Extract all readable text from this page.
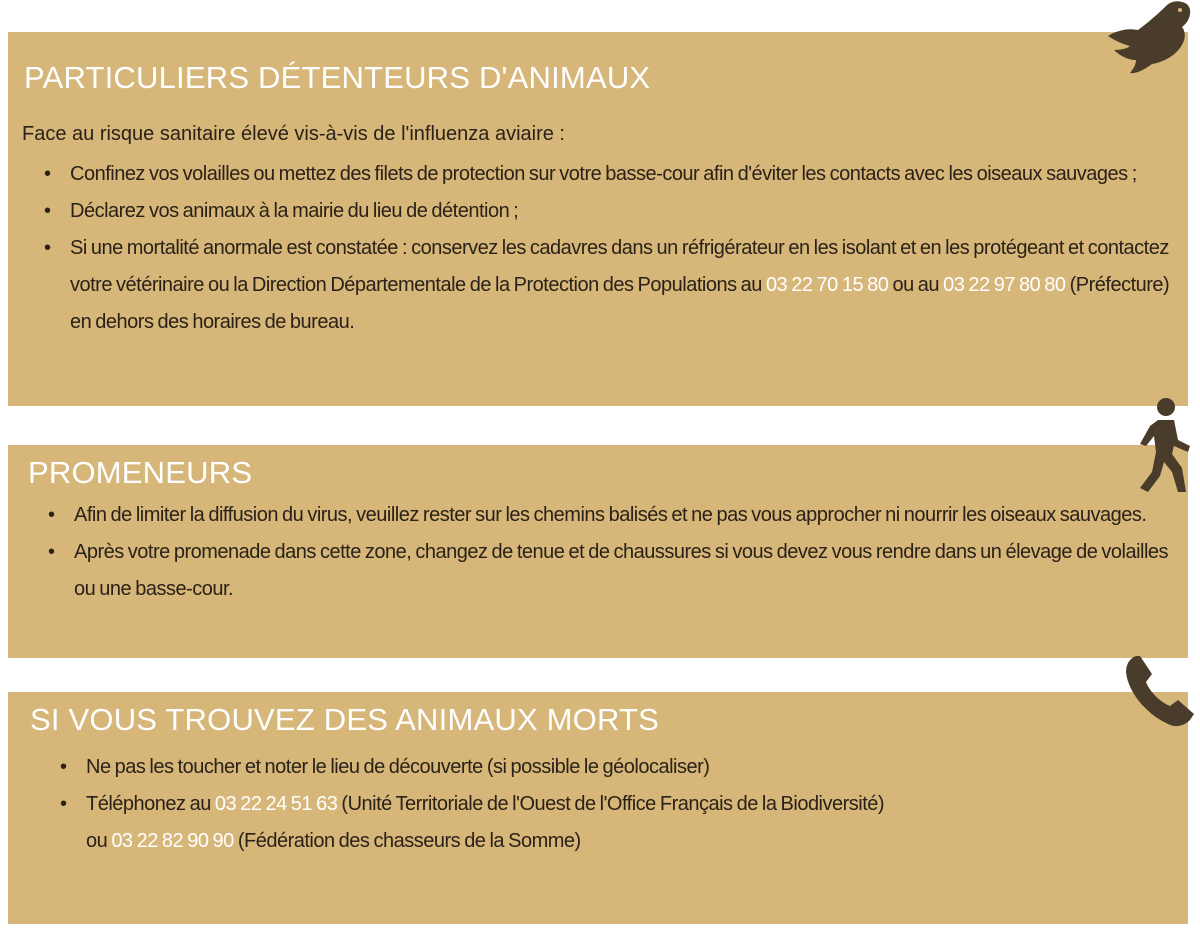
PARTICULIERS DÉTENTEURS D'ANIMAUX
Face au risque sanitaire élevé vis-à-vis de l'influenza aviaire :
• Confinez vos volailles ou mettez des filets de protection sur votre basse-cour afin d'éviter les contacts avec les oiseaux sauvages ;
• Déclarez vos animaux à la mairie du lieu de détention ;
• Si une mortalité anormale est constatée : conservez les cadavres dans un réfrigérateur en les isolant et en les protégeant et contactez votre vétérinaire ou la Direction Départementale de la Protection des Populations au 03 22 70 15 80 ou au 03 22 97 80 80 (Préfecture) en dehors des horaires de bureau.
PROMENEURS
• Afin de limiter la diffusion du virus, veuillez rester sur les chemins balisés et ne pas vous approcher ni nourrir les oiseaux sauvages.
• Après votre promenade dans cette zone, changez de tenue et de chaussures si vous devez vous rendre dans un élevage de volailles ou une basse-cour.
SI VOUS TROUVEZ DES ANIMAUX MORTS
• Ne pas les toucher et noter le lieu de découverte (si possible le géolocaliser)
• Téléphonez au 03 22 24 51 63 (Unité Territoriale de l'Ouest de l'Office Français de la Biodiversité)
ou 03 22 82 90 90 (Fédération des chasseurs de la Somme)
